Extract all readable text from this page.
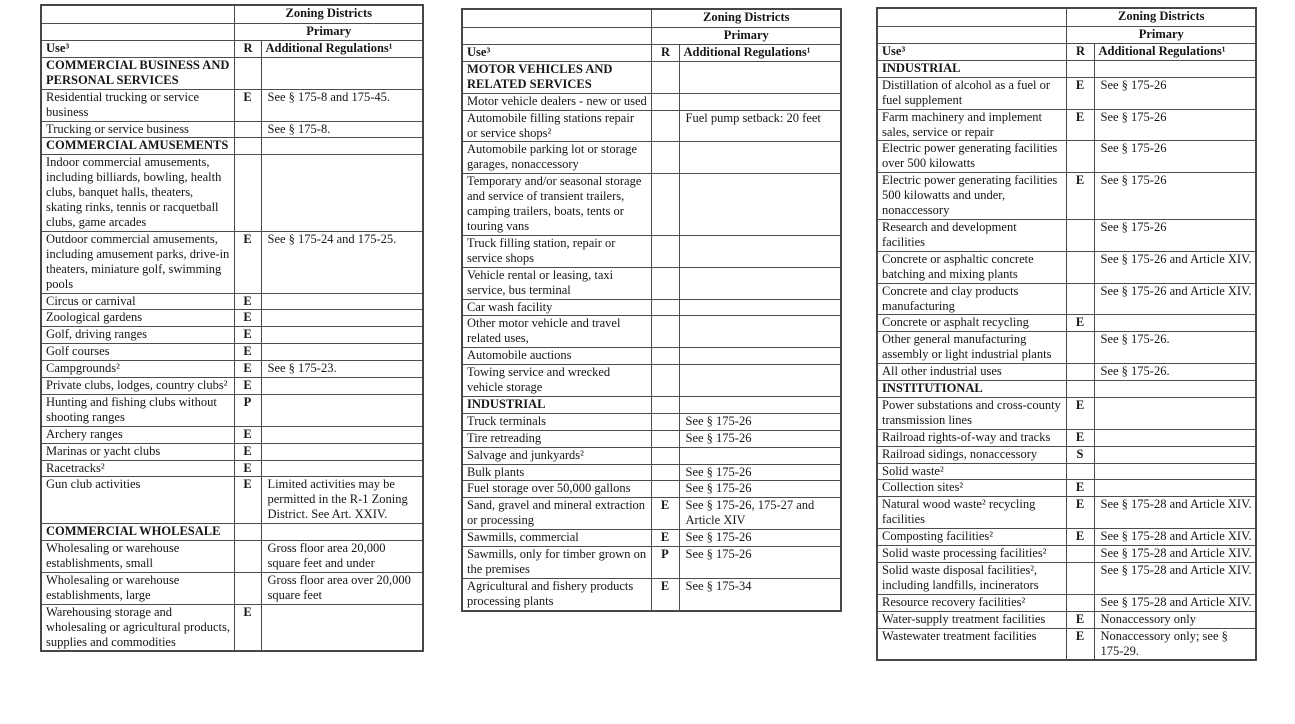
	Zoning Districts	
	Primary	
Use³	R	Additional Regulations¹
COMMERCIAL BUSINESS AND PERSONAL SERVICES		
Residential trucking or service business	E	See § 175-8 and 175-45.
Trucking or service business		See § 175-8.
COMMERCIAL AMUSEMENTS		
Indoor commercial amusements, including billiards, bowling, health clubs, banquet halls, theaters, skating rinks, tennis or racquetball clubs, game arcades		
Outdoor commercial amusements, including amusement parks, drive-in theaters, miniature golf, swimming pools	E	See § 175-24 and 175-25.
Circus or carnival	E	
Zoological gardens	E	
Golf, driving ranges	E	
Golf courses	E	
Campgrounds²	E	See § 175-23.
Private clubs, lodges, country clubs²	E	
Hunting and fishing clubs without shooting ranges	P	
Archery ranges	E	
Marinas or yacht clubs	E	
Racetracks²	E	
Gun club activities	E	Limited activities may be permitted in the R-1 Zoning District. See Art. XXIV.
COMMERCIAL WHOLESALE		
Wholesaling or warehouse establishments, small		Gross floor area 20,000 square feet and under
Wholesaling or warehouse establishments, large		Gross floor area over 20,000 square feet
Warehousing storage and wholesaling or agricultural products, supplies and commodities	E	
	Zoning Districts	
	Primary	
Use³	R	Additional Regulations¹
MOTOR VEHICLES AND RELATED SERVICES		
Motor vehicle dealers - new or used		
Automobile filling stations repair or service shops²		Fuel pump setback: 20 feet
Automobile parking lot or storage garages, nonaccessory		
Temporary and/or seasonal storage and service of transient trailers, camping trailers, boats, tents or touring vans		
Truck filling station, repair or service shops		
Vehicle rental or leasing, taxi service, bus terminal		
Car wash facility		
Other motor vehicle and travel related uses,		
Automobile auctions		
Towing service and wrecked vehicle storage		
INDUSTRIAL		
Truck terminals		See § 175-26
Tire retreading		See § 175-26
Salvage and junkyards²		
Bulk plants		See § 175-26
Fuel storage over 50,000 gallons		See § 175-26
Sand, gravel and mineral extraction or processing	E	See § 175-26, 175-27 and Article XIV
Sawmills, commercial	E	See § 175-26
Sawmills, only for timber grown on the premises	P	See § 175-26
Agricultural and fishery products processing plants	E	See § 175-34
	Zoning Districts	
	Primary	
Use³	R	Additional Regulations¹
INDUSTRIAL		
Distillation of alcohol as a fuel or fuel supplement	E	See § 175-26
Farm machinery and implement sales, service or repair	E	See § 175-26
Electric power generating facilities over 500 kilowatts		See § 175-26
Electric power generating facilities 500 kilowatts and under, nonaccessory	E	See § 175-26
Research and development facilities		See § 175-26
Concrete or asphaltic concrete batching and mixing plants		See § 175-26 and Article XIV.
Concrete and clay products manufacturing		See § 175-26 and Article XIV.
Concrete or asphalt recycling	E	
Other general manufacturing assembly or light industrial plants		See § 175-26.
All other industrial uses		See § 175-26.
INSTITUTIONAL		
Power substations and cross-county transmission lines	E	
Railroad rights-of-way and tracks	E	
Railroad sidings, nonaccessory	S	
Solid waste²		
Collection sites²	E	
Natural wood waste² recycling facilities	E	See § 175-28 and Article XIV.
Composting facilities²	E	See § 175-28 and Article XIV.
Solid waste processing facilities²		See § 175-28 and Article XIV.
Solid waste disposal facilities², including landfills, incinerators		See § 175-28 and Article XIV.
Resource recovery facilities²		See § 175-28 and Article XIV.
Water-supply treatment facilities	E	Nonaccessory only
Wastewater treatment facilities	E	Nonaccessory only; see § 175-29.
